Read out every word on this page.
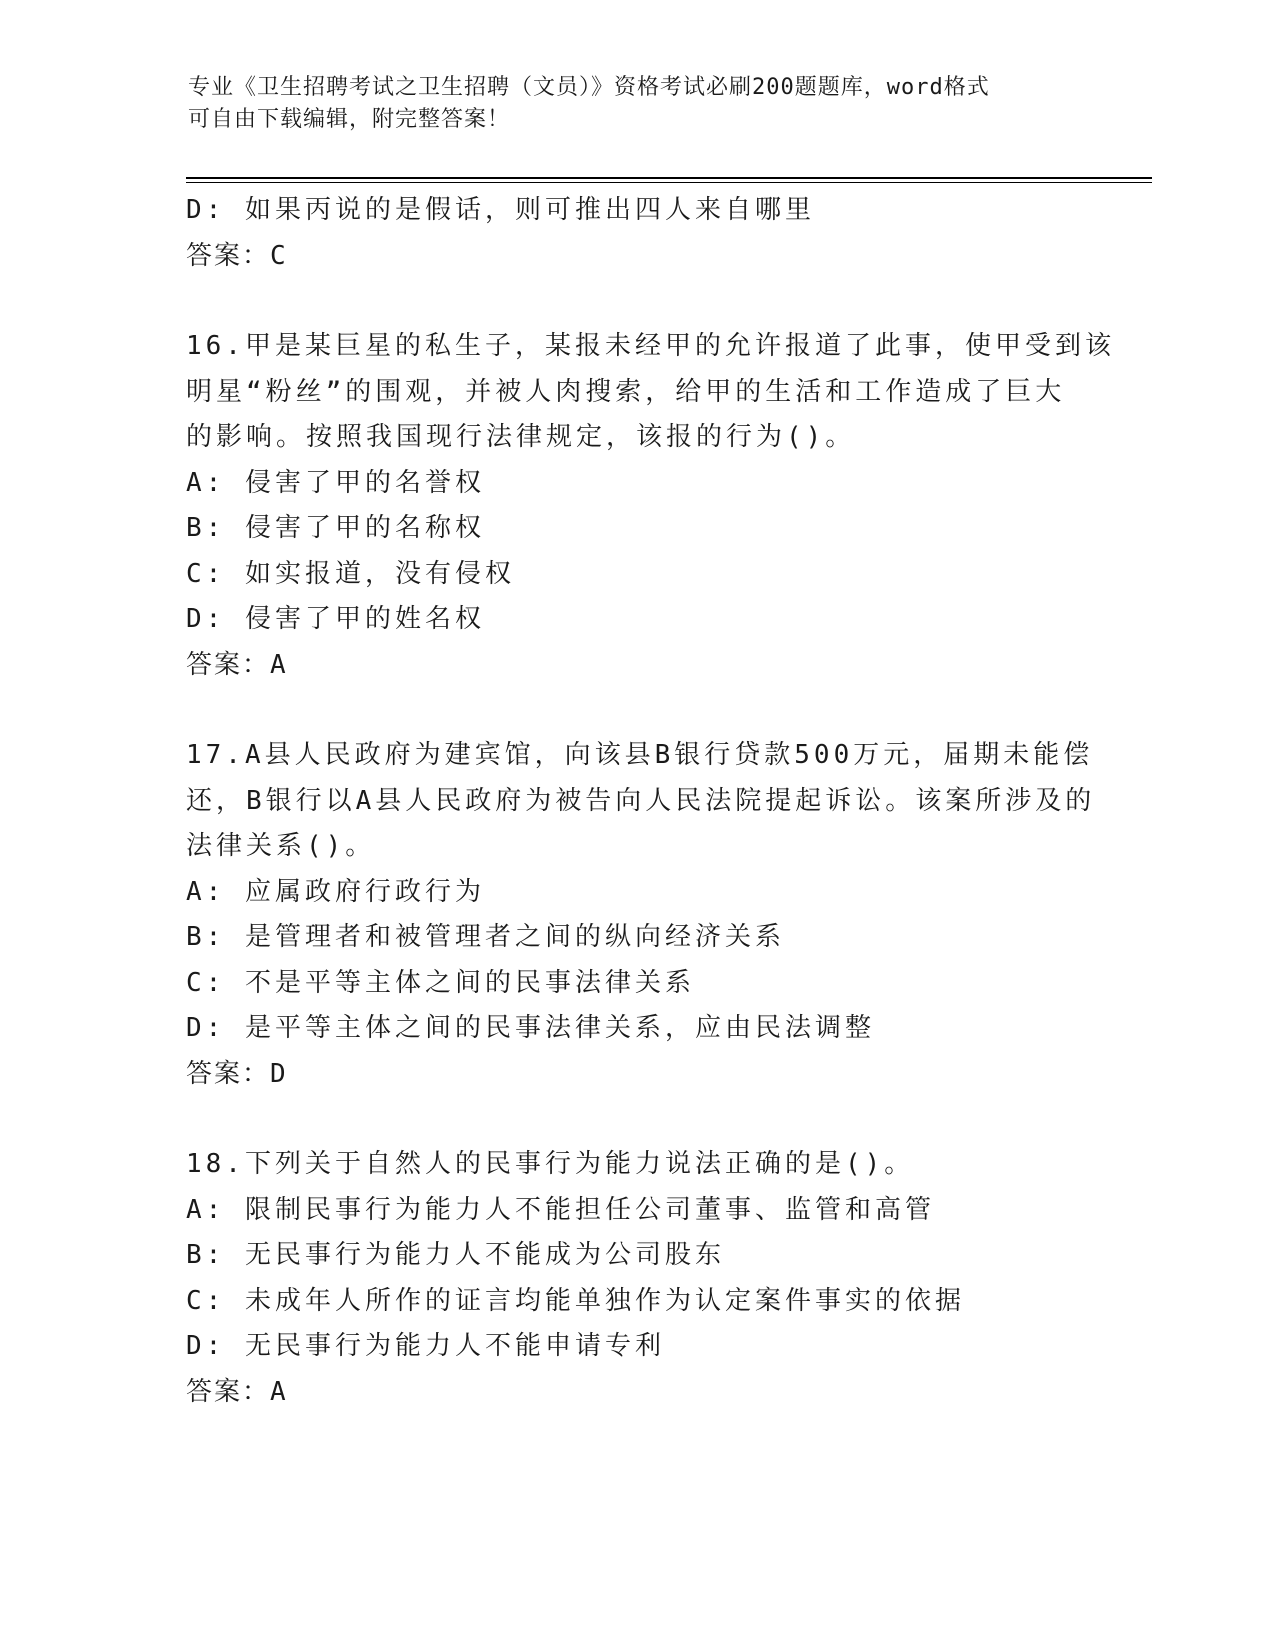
专业《卫生招聘考试之卫生招聘（文员）》资格考试必刷200题题库，word格式
可自由下载编辑，附完整答案！
D: 如果丙说的是假话，则可推出四人来自哪里
答案：C
16.甲是某巨星的私生子，某报未经甲的允许报道了此事，使甲受到该
明星“粉丝”的围观，并被人肉搜索，给甲的生活和工作造成了巨大
的影响。按照我国现行法律规定，该报的行为()。
A: 侵害了甲的名誉权
B: 侵害了甲的名称权
C: 如实报道，没有侵权
D: 侵害了甲的姓名权
答案：A
17.A县人民政府为建宾馆，向该县B银行贷款500万元，届期未能偿
还，B银行以A县人民政府为被告向人民法院提起诉讼。该案所涉及的
法律关系()。
A: 应属政府行政行为
B: 是管理者和被管理者之间的纵向经济关系
C: 不是平等主体之间的民事法律关系
D: 是平等主体之间的民事法律关系，应由民法调整
答案：D
18.下列关于自然人的民事行为能力说法正确的是()。
A: 限制民事行为能力人不能担任公司董事、监管和高管
B: 无民事行为能力人不能成为公司股东
C: 未成年人所作的证言均能单独作为认定案件事实的依据
D: 无民事行为能力人不能申请专利
答案：A
